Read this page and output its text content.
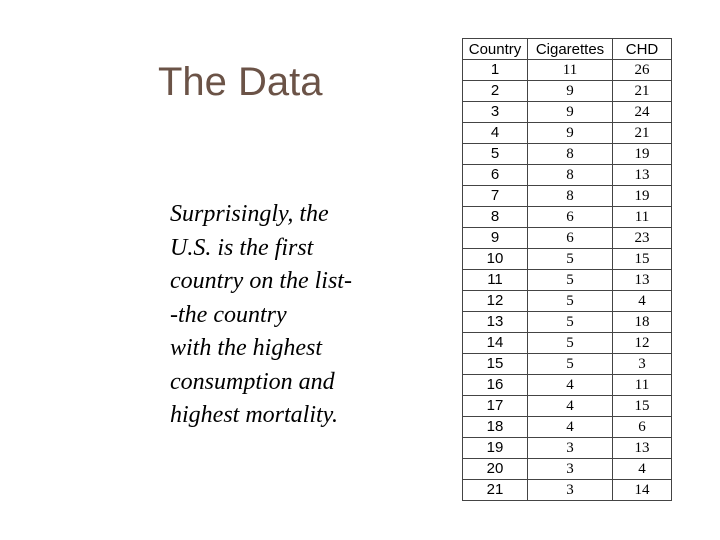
The Data
Surprisingly, the
U.S. is the first
country on the list-
-the country
with the highest
consumption and
highest mortality.
Country	Cigarettes	CHD
1	11	26
2	9	21
3	9	24
4	9	21
5	8	19
6	8	13
7	8	19
8	6	11
9	6	23
10	5	15
11	5	13
12	5	4
13	5	18
14	5	12
15	5	3
16	4	11
17	4	15
18	4	6
19	3	13
20	3	4
21	3	14
